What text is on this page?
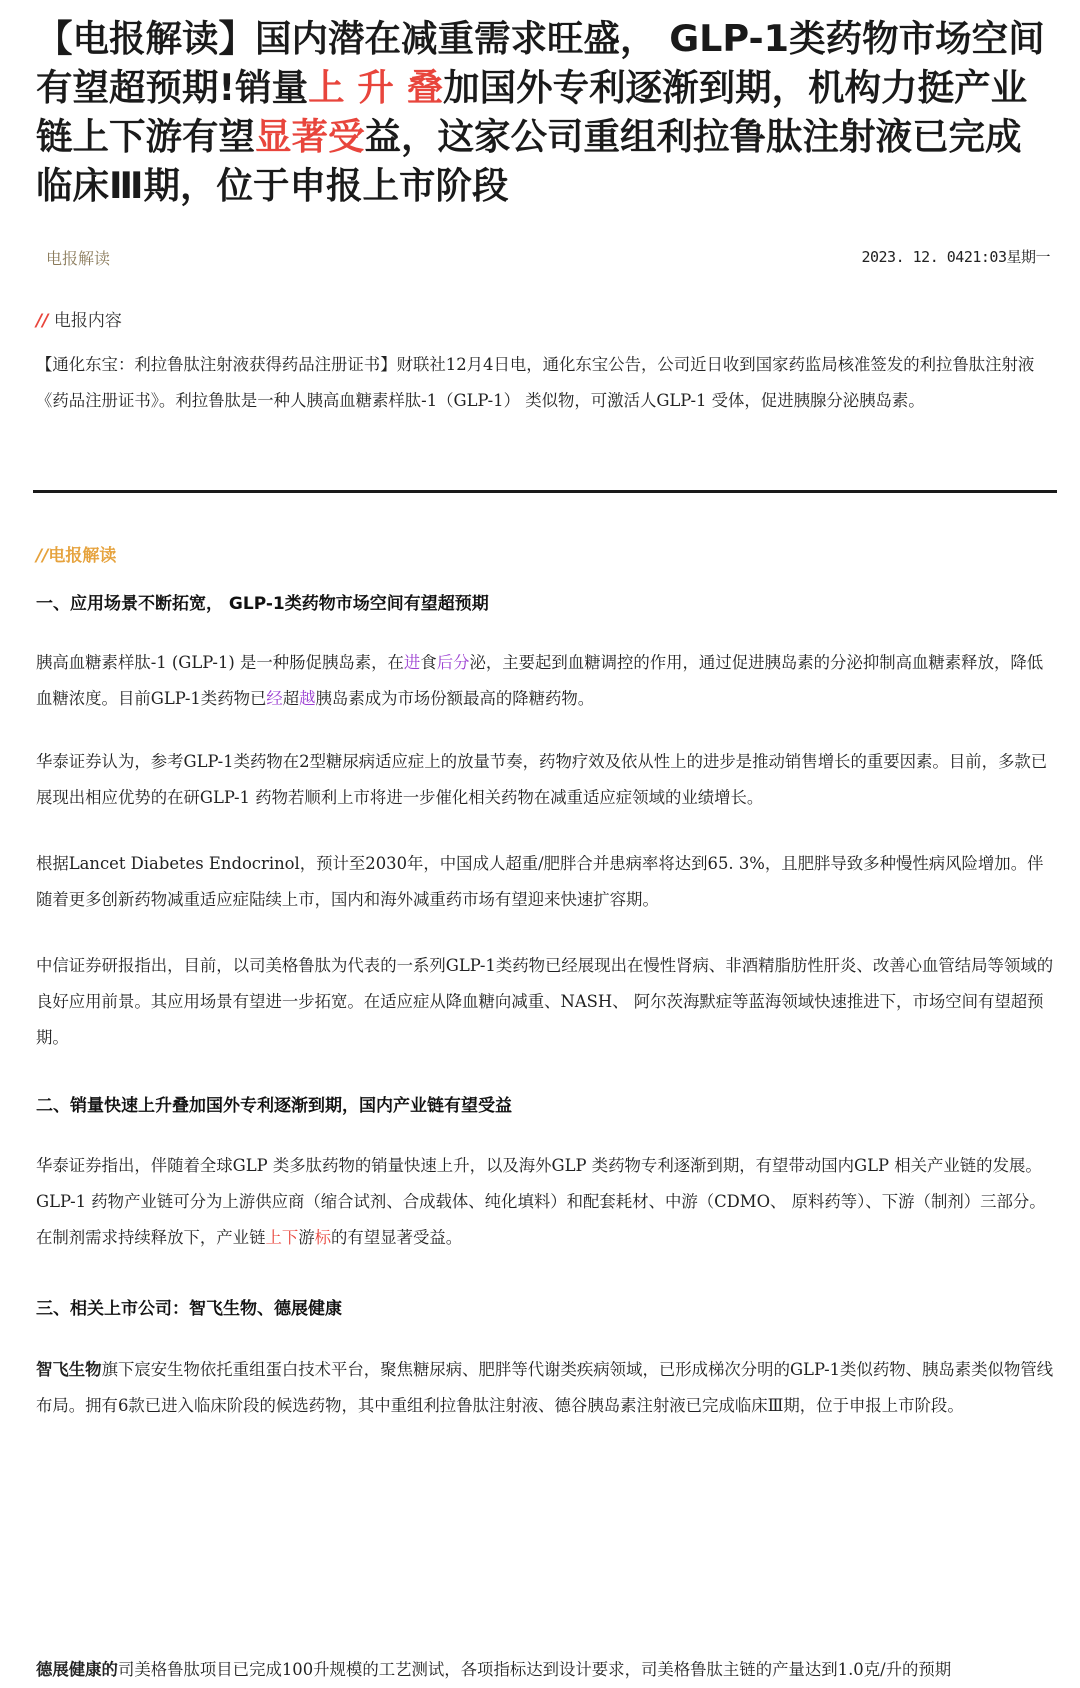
【电报解读】国内潜在减重需求旺盛， GLP-1类药物市场空间有望超预期!销量上 升 叠加国外专利逐渐到期，机构力挺产业链上下游有望显著受益，这家公司重组利拉鲁肽注射液已完成临床Ⅲ期，位于申报上市阶段
电报解读	2023. 12. 0421:03星期一
// 电报内容
【通化东宝：利拉鲁肽注射液获得药品注册证书】财联社12月4日电，通化东宝公告，公司近日收到国家药监局核准签发的利拉鲁肽注射液《药品注册证书》。利拉鲁肽是一种人胰高血糖素样肽-1（GLP-1） 类似物，可激活人GLP-1 受体，促进胰腺分泌胰岛素。
//电报解读
一、应用场景不断拓宽， GLP-1类药物市场空间有望超预期
胰高血糖素样肽-1 (GLP-1) 是一种肠促胰岛素，在进食后分泌，主要起到血糖调控的作用，通过促进胰岛素的分泌抑制高血糖素释放，降低血糖浓度。目前GLP-1类药物已经超越胰岛素成为市场份额最高的降糖药物。
华泰证券认为，参考GLP-1类药物在2型糖尿病适应症上的放量节奏，药物疗效及依从性上的进步是推动销售增长的重要因素。目前，多款已展现出相应优势的在研GLP-1 药物若顺利上市将进一步催化相关药物在减重适应症领域的业绩增长。
根据Lancet Diabetes Endocrinol，预计至2030年，中国成人超重/肥胖合并患病率将达到65. 3%，且肥胖导致多种慢性病风险增加。伴随着更多创新药物减重适应症陆续上市，国内和海外减重药市场有望迎来快速扩容期。
中信证券研报指出，目前，以司美格鲁肽为代表的一系列GLP-1类药物已经展现出在慢性肾病、非酒精脂肪性肝炎、改善心血管结局等领域的良好应用前景。其应用场景有望进一步拓宽。在适应症从降血糖向减重、NASH、 阿尔茨海默症等蓝海领域快速推进下，市场空间有望超预期。
二、销量快速上升叠加国外专利逐渐到期，国内产业链有望受益
华泰证券指出，伴随着全球GLP 类多肽药物的销量快速上升，以及海外GLP 类药物专利逐渐到期，有望带动国内GLP 相关产业链的发展。GLP-1 药物产业链可分为上游供应商（缩合试剂、合成载体、纯化填料）和配套耗材、中游（CDMO、 原料药等）、下游（制剂）三部分。在制剂需求持续释放下，产业链上下游标的有望显著受益。
三、相关上市公司：智飞生物、德展健康
智飞生物旗下宸安生物依托重组蛋白技术平台，聚焦糖尿病、肥胖等代谢类疾病领域，已形成梯次分明的GLP-1类似药物、胰岛素类似物管线布局。拥有6款已进入临床阶段的候选药物，其中重组利拉鲁肽注射液、德谷胰岛素注射液已完成临床Ⅲ期，位于申报上市阶段。
德展健康的司美格鲁肽项目已完成100升规模的工艺测试，各项指标达到设计要求，司美格鲁肽主链的产量达到1.0克/升的预期
